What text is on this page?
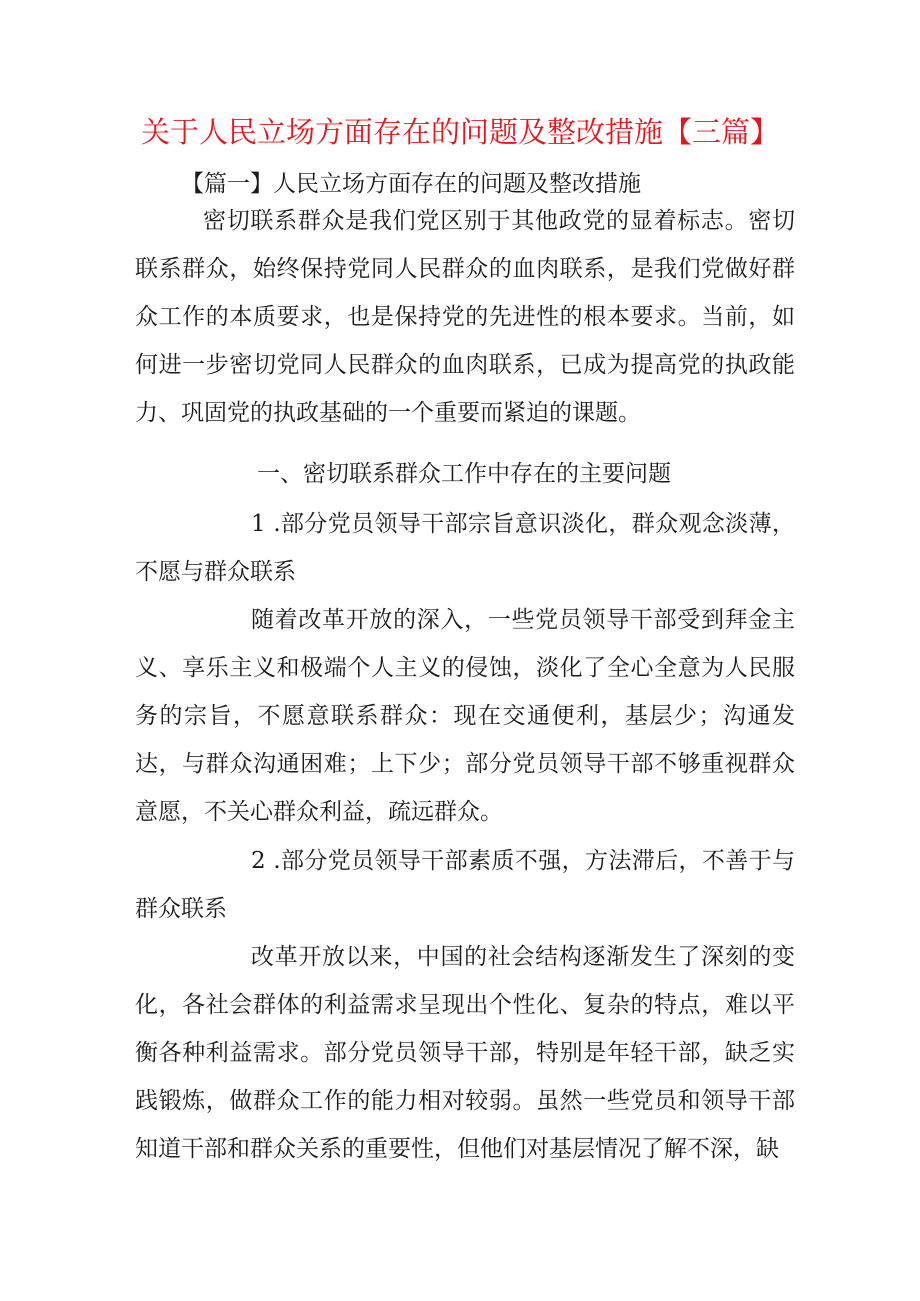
关于人民立场方面存在的问题及整改措施【三篇】
【篇一】人民立场方面存在的问题及整改措施
密切联系群众是我们党区别于其他政党的显着标志。密切联系群众，始终保持党同人民群众的血肉联系，是我们党做好群众工作的本质要求，也是保持党的先进性的根本要求。当前，如何进一步密切党同人民群众的血肉联系，已成为提高党的执政能力、巩固党的执政基础的一个重要而紧迫的课题。
一、密切联系群众工作中存在的主要问题
1 .部分党员领导干部宗旨意识淡化，群众观念淡薄，不愿与群众联系
随着改革开放的深入，一些党员领导干部受到拜金主义、享乐主义和极端个人主义的侵蚀，淡化了全心全意为人民服务的宗旨，不愿意联系群众：现在交通便利，基层少；沟通发达，与群众沟通困难；上下少；部分党员领导干部不够重视群众意愿，不关心群众利益，疏远群众。
2 .部分党员领导干部素质不强，方法滞后，不善于与群众联系
改革开放以来，中国的社会结构逐渐发生了深刻的变化，各社会群体的利益需求呈现出个性化、复杂的特点，难以平衡各种利益需求。部分党员领导干部，特别是年轻干部，缺乏实践锻炼，做群众工作的能力相对较弱。虽然一些党员和领导干部知道干部和群众关系的重要性，但他们对基层情况了解不深，缺
